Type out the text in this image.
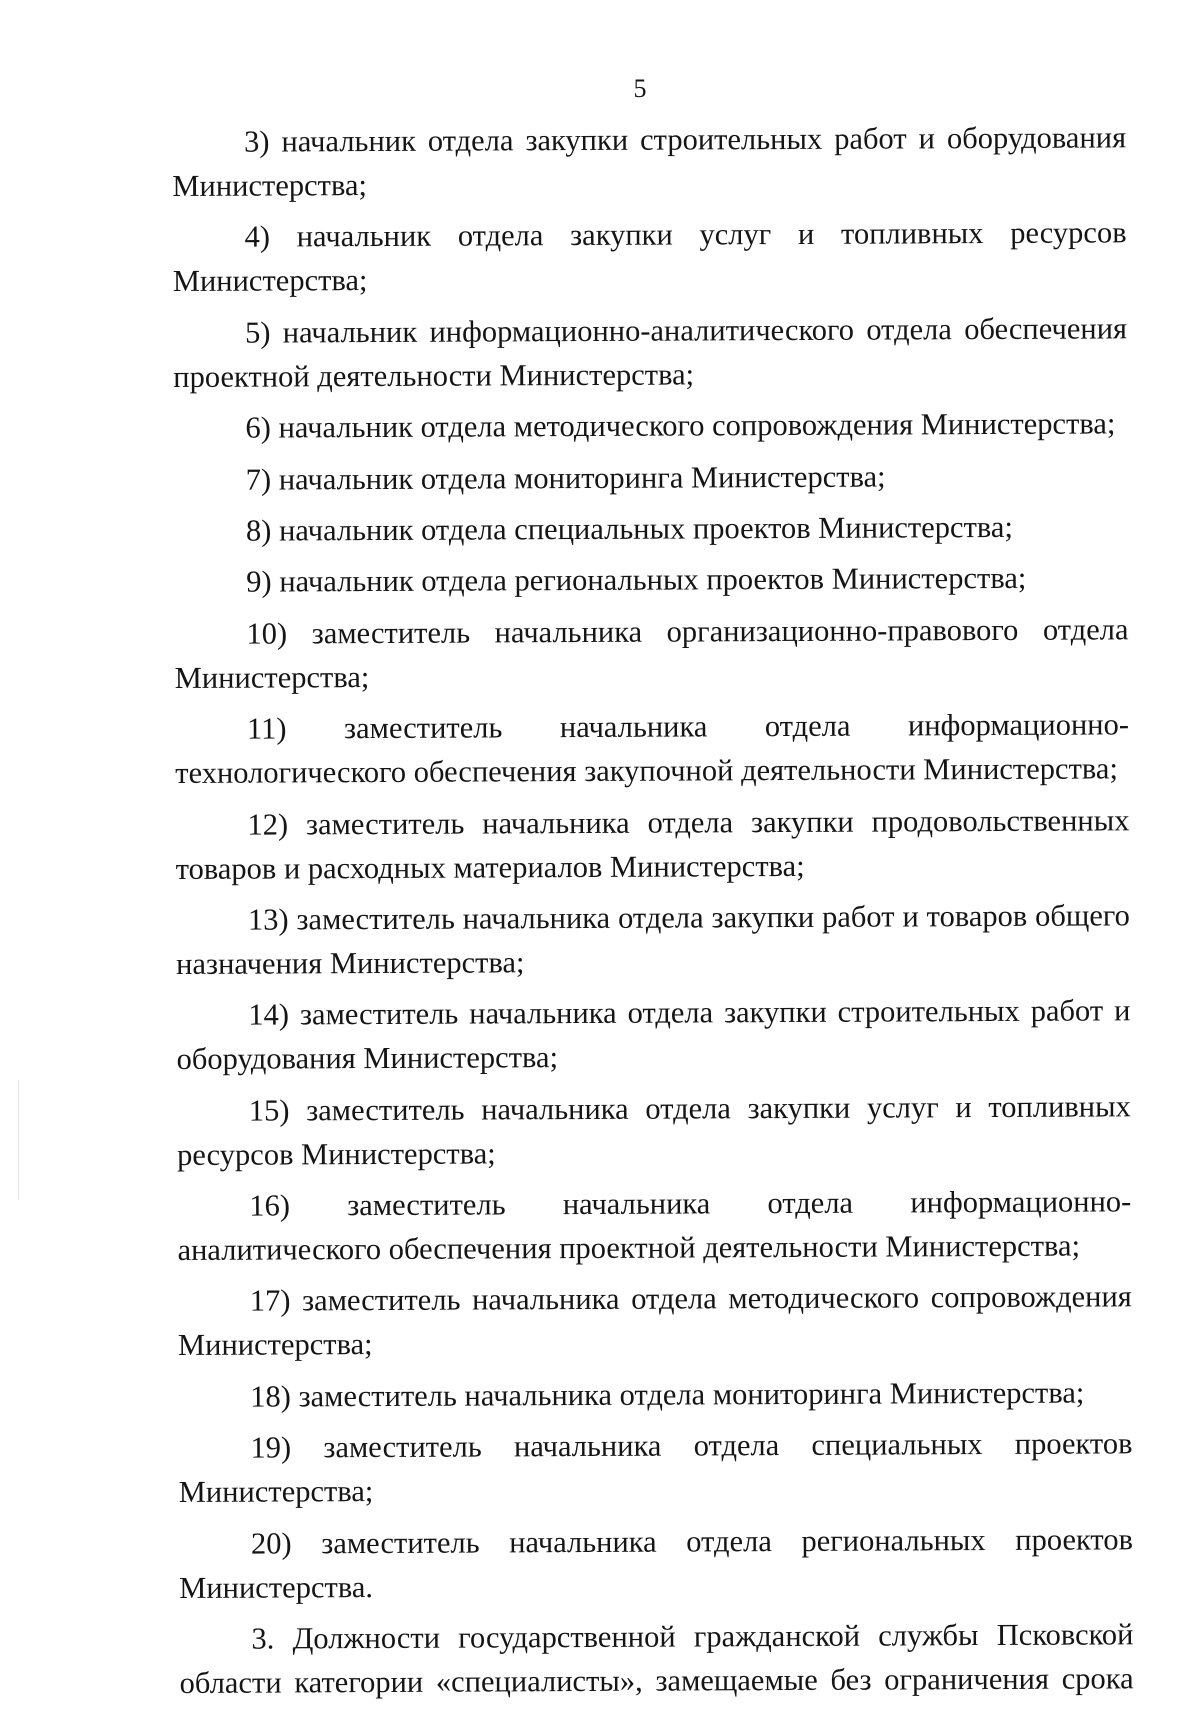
5

3) начальник отдела закупки строительных работ и оборудования Министерства;

4) начальник отдела закупки услуг и топливных ресурсов Министерства;

5) начальник информационно-аналитического отдела обеспечения проектной деятельности Министерства;

6) начальник отдела методического сопровождения Министерства;

7) начальник отдела мониторинга Министерства;

8) начальник отдела специальных проектов Министерства;

9) начальник отдела региональных проектов Министерства;

10) заместитель начальника организационно-правового отдела Министерства;

11) заместитель начальника отдела информационно-технологического обеспечения закупочной деятельности Министерства;

12) заместитель начальника отдела закупки продовольственных товаров и расходных материалов Министерства;

13) заместитель начальника отдела закупки работ и товаров общего назначения Министерства;

14) заместитель начальника отдела закупки строительных работ и оборудования Министерства;

15) заместитель начальника отдела закупки услуг и топливных ресурсов Министерства;

16) заместитель начальника отдела информационно-аналитического обеспечения проектной деятельности Министерства;

17) заместитель начальника отдела методического сопровождения Министерства;

18) заместитель начальника отдела мониторинга Министерства;

19) заместитель начальника отдела специальных проектов Министерства;

20) заместитель начальника отдела региональных проектов Министерства.

3. Должности государственной гражданской службы Псковской области категории «специалисты», замещаемые без ограничения срока
